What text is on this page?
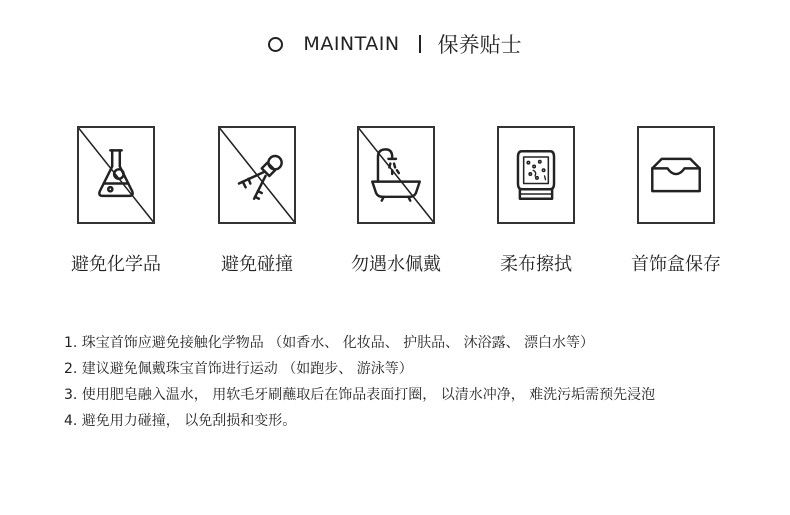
MAINTAIN 保养贴士
避免化学品	避免碰撞	勿遇水佩戴	柔布擦拭	首饰盒保存
1. 珠宝首饰应避免接触化学物品 （如香水、 化妆品、 护肤品、 沐浴露、 漂白水等）
2. 建议避免佩戴珠宝首饰进行运动 （如跑步、 游泳等）
3. 使用肥皂融入温水， 用软毛牙刷蘸取后在饰品表面打圈， 以清水冲净， 难洗污垢需预先浸泡
4. 避免用力碰撞， 以免刮损和变形。
